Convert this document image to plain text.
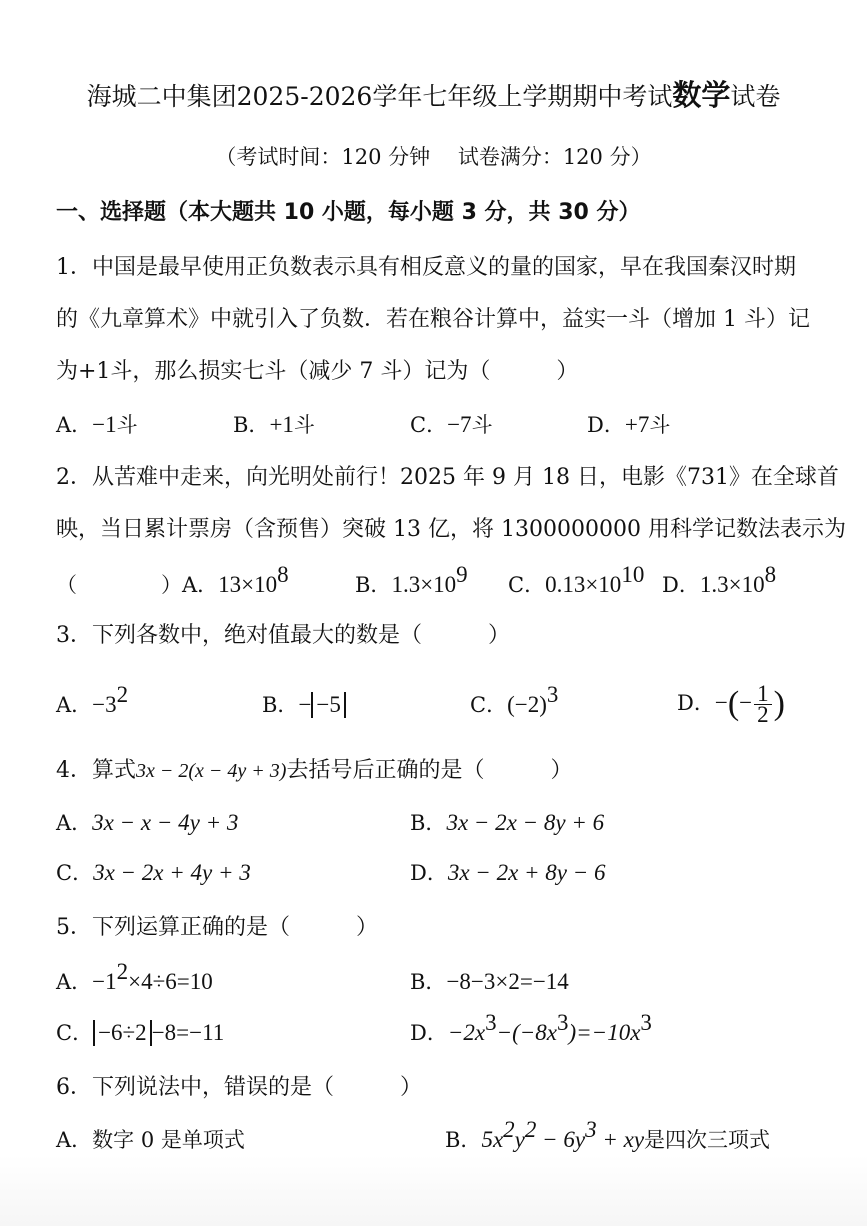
海城二中集团2025-2026学年七年级上学期期中考试数学试卷
（考试时间：120 分钟　 试卷满分：120 分）
一、选择题（本大题共 10 小题，每小题 3 分，共 30 分）
1．中国是最早使用正负数表示具有相反意义的量的国家，早在我国秦汉时期
的《九章算术》中就引入了负数．若在粮谷计算中，益实一斗（增加 1 斗）记
为+1斗，那么损实七斗（减少 7 斗）记为（　　　）
A．−1斗	B．+1斗	C．−7斗	D．+7斗
2．从苦难中走来，向光明处前行！2025 年 9 月 18 日，电影《731》在全球首
映，当日累计票房（含预售）突破 13 亿，将 1300000000 用科学记数法表示为
（　　　　） A．$13\times 10^8$	B．$1.3\times 10^9$ C．$0.13\times 10^{10}$ D．$1.3\times 10^8$
3．下列各数中，绝对值最大的数是（　　　）
A．$-3^2$	B．− −5	C．$(-2)^3$	D．−(− $\frac{1}{2}$ )
4．算式3x − 2(x − 4y + 3)去括号后正确的是（　　　）
A．3x − x − 4y + 3	B．3x − 2x − 8y + 6
C．3x − 2x + 4y + 3	D．3x − 2x + 8y − 6
5．下列运算正确的是（　　　）
A．$-1^2\times 4\div 6=10$	B．−8−3×2=−14
C． −6÷2 −8=−11	D．$-2x^3-(-8x^3)=-10x^3$
6．下列说法中，错误的是（　　　）
A．数字 0 是单项式	B．$5x^2y^2 - 6y^3$ + xy是四次三项式
